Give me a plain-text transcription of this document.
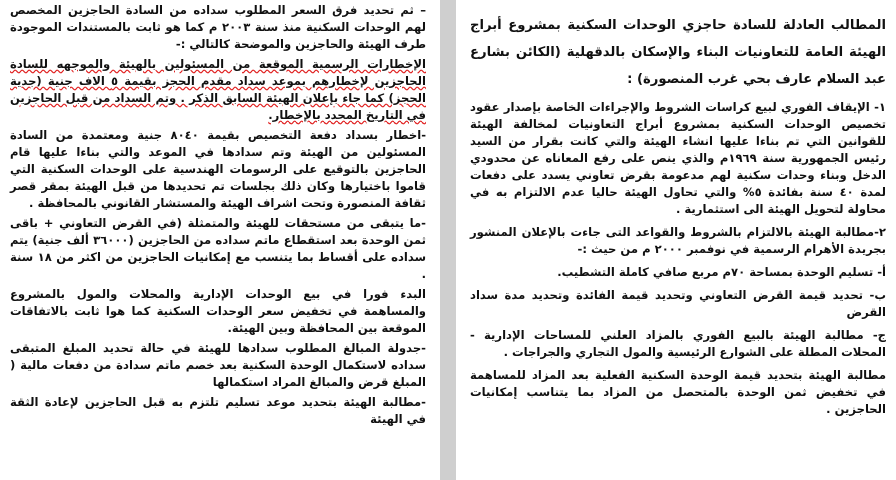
– ثم تحديد فرق السعر المطلوب سداده من السادة الحاجزين المخصص لهم الوحدات السكنية منذ سنة ٢٠٠٣ م كما هو ثابت بالمستندات الموجودة طرف الهيئة والحاجزين والموضحة كالتالي :-

الإخطارات الرسمية الموقعة من المسئولين بالهيئة والموجهه للسادة الحاجزين لإخطارهم بموعد سداد مقدم الحجز بقيمة ٥ الاف جنية (جدية الحجز) كما جاء بإعلان الهيئة السابق الذكر . وتم السداد من قبل الحاجزين في التاريخ المحدد بالإخطار.

-اخطار بسداد دفعة التخصيص بقيمة ٨٠٤٠ جنية ومعتمدة من السادة المسئولين من الهيئة وتم سدادها في الموعد والتي بناءا عليها قام الحاجزين بالتوقيع على الرسومات الهندسية على الوحدات السكنية التي قاموا باختيارها وكان ذلك بجلسات تم تحديدها من قبل الهيئة بمقر قصر ثقافة المنصورة وتحت اشراف الهيئة والمستشار القانوني بالمحافظة .

-ما يتبقى من مستحقات للهيئة والمتمثلة (في القرض التعاوني + باقى ثمن الوحدة بعد استقطاع ماتم سداده من الحاجزين (٣٦٠٠٠ ألف جنية) يتم سداده على أقساط بما يتنسب مع إمكانيات الحاجزين من اكثر من ١٨ سنة .

البدء فورا في بيع الوحدات الإدارية والمحلات والمول بالمشروع والمساهمة في تخفيض سعر الوحدات السكنية كما هوا ثابت بالاتفاقات الموقعة بين المحافظة وبين الهيئة.

-جدولة المبالغ المطلوب سدادها للهيئة في حالة تحديد المبلغ المتبقى سداده لاستكمال الوحدة السكنية بعد خصم ماتم سدادة من دفعات مالية ( المبلغ قرض والمبالغ المراد استكمالها

-مطالبة الهيئة بتحديد موعد تسليم تلتزم به قبل الحاجزين لإعادة الثقة في الهيئة

المطالب العادلة للسادة حاجزي الوحدات السكنية بمشروع أبراج الهيئة العامة للتعاونيات البناء والإسكان بالدقهلية (الكائن بشارع عبد السلام عارف بحي غرب المنصورة) :

١- الإيقاف الفوري لبيع كراسات الشروط والإجراءات الخاصة بإصدار عقود تخصيص الوحدات السكنية بمشروع أبراج التعاونيات لمخالفة الهيئة للقوانين التي تم بناءا عليها انشاء الهيئة والتي كانت بقرار من السيد رئيس الجمهورية سنة ١٩٦٩م والذي ينص على رفع المعاناه عن محدودي الدخل وبناء وحدات سكنية لهم مدعومة بقرض تعاوني يسدد على دفعات لمدة ٤٠ سنة بفائدة ٥% والتي تحاول الهيئة حاليا عدم الالتزام به في محاولة لتحويل الهيئة الى استثمارية .

٢-مطالبة الهيئة بالالتزام بالشروط والقواعد التى جاءت بالإعلان المنشور بجريدة الأهرام الرسمية في نوفمبر ٢٠٠٠ م من حيث :-

أ- تسليم الوحدة بمساحة ٧٠م مربع صافي كاملة التشطيب.

ب- تحديد قيمة القرض التعاوني وتحديد قيمة الفائدة وتحديد مدة سداد القرض

ج- مطالبة الهيئة بالبيع الفوري بالمزاد العلني للمساحات الإدارية - المحلات المطلة على الشوارع الرئيسية والمول التجاري والجراجات .

مطالبة الهيئة بتحديد قيمة الوحدة السكنية الفعلية بعد المزاد للمساهمة في تخفيض ثمن الوحدة بالمتحصل من المزاد بما يتناسب إمكانيات الحاجزين .
